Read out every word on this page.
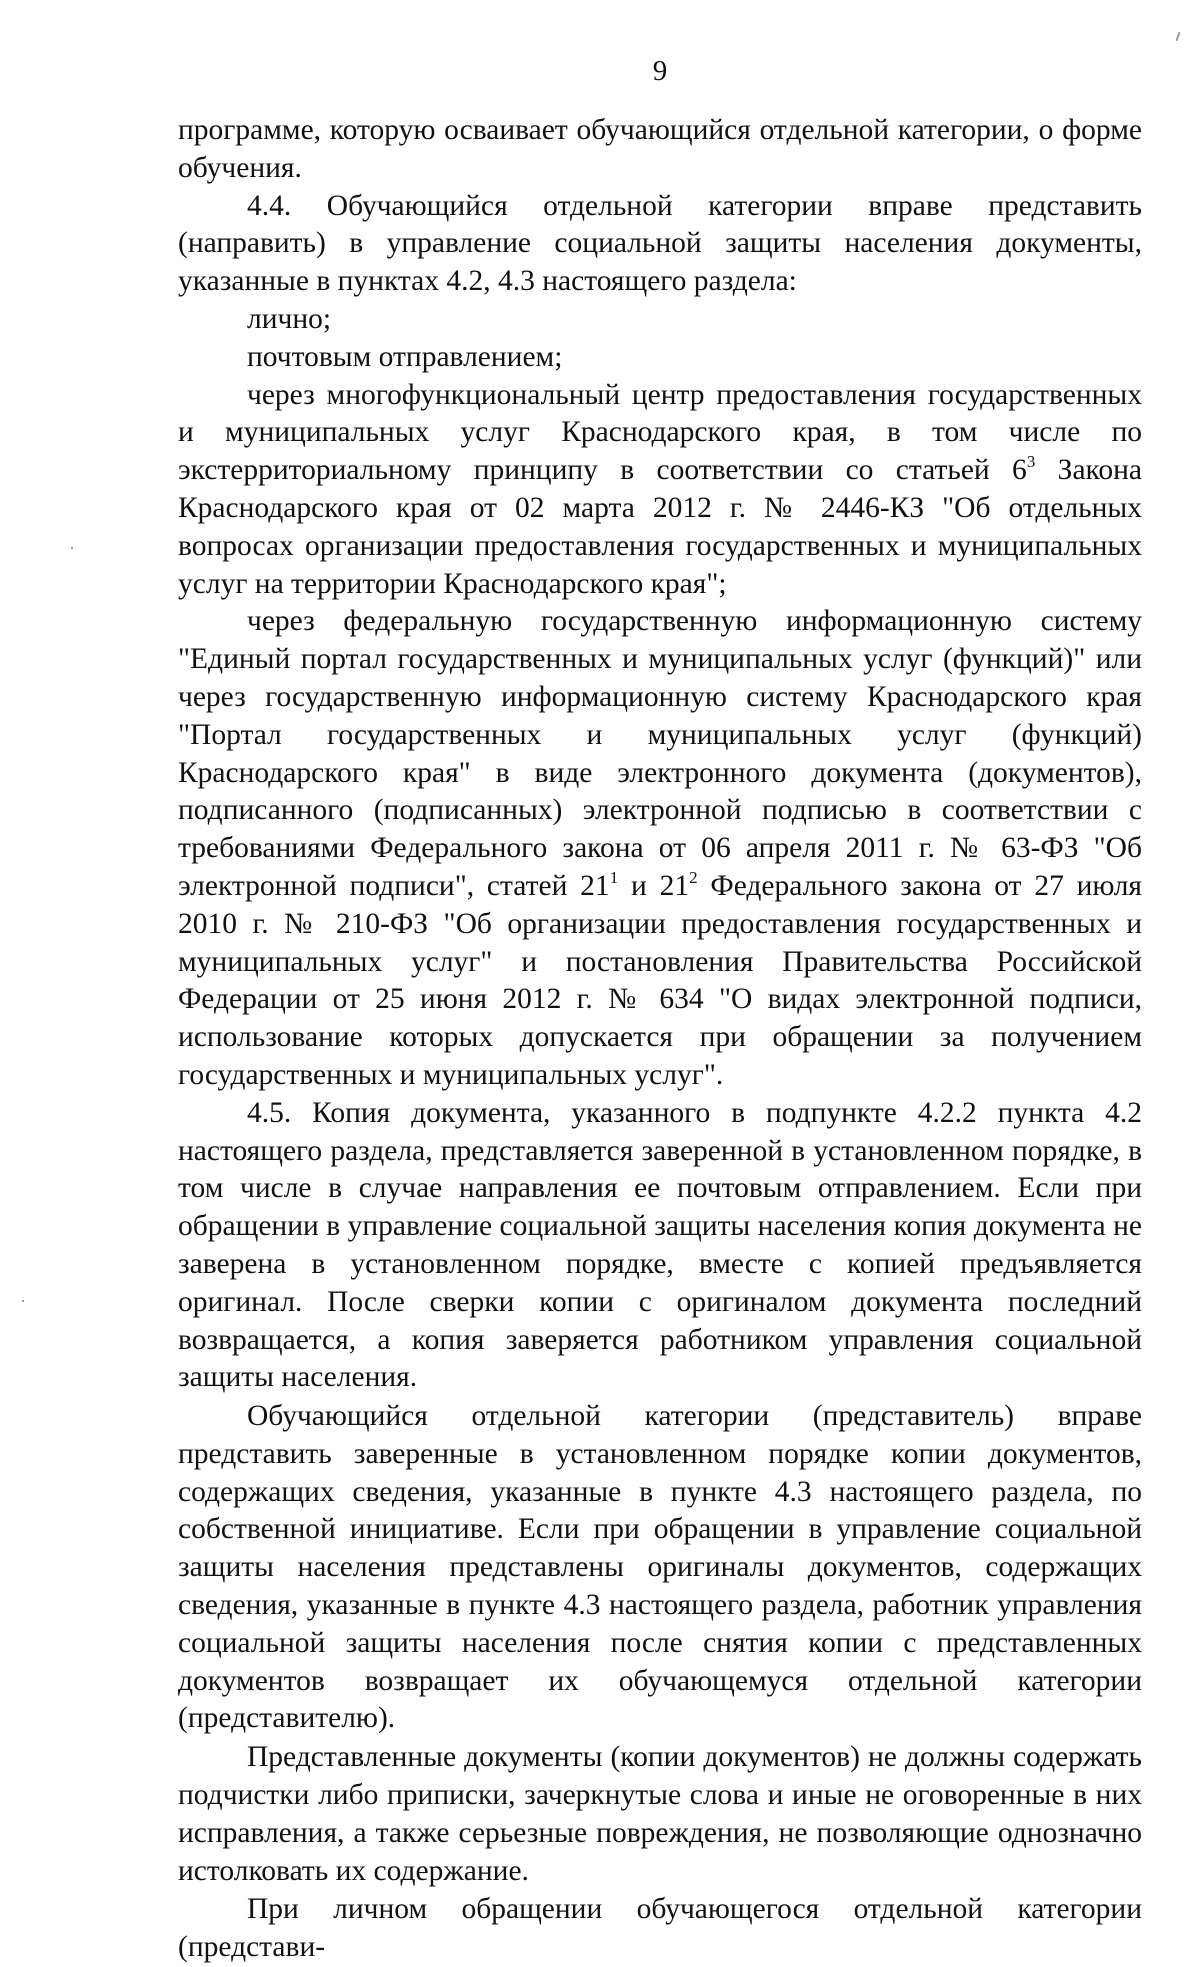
9

программе, которую осваивает обучающийся отдельной категории, о форме обучения.

4.4. Обучающийся отдельной категории вправе представить (направить) в управление социальной защиты населения документы, указанные в пунктах 4.2, 4.3 настоящего раздела:

лично;

почтовым отправлением;

через многофункциональный центр предоставления государственных и муниципальных услуг Краснодарского края, в том числе по экстерриториальному принципу в соответствии со статьей $6^3$ Закона Краснодарского края от 02 марта 2012 г. № 2446-КЗ "Об отдельных вопросах организации предоставления государственных и муниципальных услуг на территории Краснодарского края";

через федеральную государственную информационную систему "Единый портал государственных и муниципальных услуг (функций)" или через государственную информационную систему Краснодарского края "Портал государственных и муниципальных услуг (функций) Краснодарского края" в виде электронного документа (документов), подписанного (подписанных) электронной подписью в соответствии с требованиями Федерального закона от 06 апреля 2011 г. № 63-ФЗ "Об электронной подписи", статей $21^1$ и $21^2$ Федерального закона от 27 июля 2010 г. № 210-ФЗ "Об организации предоставления государственных и муниципальных услуг" и постановления Правительства Российской Федерации от 25 июня 2012 г. № 634 "О видах электронной подписи, использование которых допускается при обращении за получением государственных и муниципальных услуг".

4.5. Копия документа, указанного в подпункте 4.2.2 пункта 4.2 настоящего раздела, представляется заверенной в установленном порядке, в том числе в случае направления ее почтовым отправлением. Если при обращении в управление социальной защиты населения копия документа не заверена в установленном порядке, вместе с копией предъявляется оригинал. После сверки копии с оригиналом документа последний возвращается, а копия заверяется работником управления социальной защиты населения.

Обучающийся отдельной категории (представитель) вправе представить заверенные в установленном порядке копии документов, содержащих сведения, указанные в пункте 4.3 настоящего раздела, по собственной инициативе. Если при обращении в управление социальной защиты населения представлены оригиналы документов, содержащих сведения, указанные в пункте 4.3 настоящего раздела, работник управления социальной защиты населения после снятия копии с представленных документов возвращает их обучающемуся отдельной категории (представителю).

Представленные документы (копии документов) не должны содержать подчистки либо приписки, зачеркнутые слова и иные не оговоренные в них исправления, а также серьезные повреждения, не позволяющие однозначно истолковать их содержание.

При личном обращении обучающегося отдельной категории (представи-
